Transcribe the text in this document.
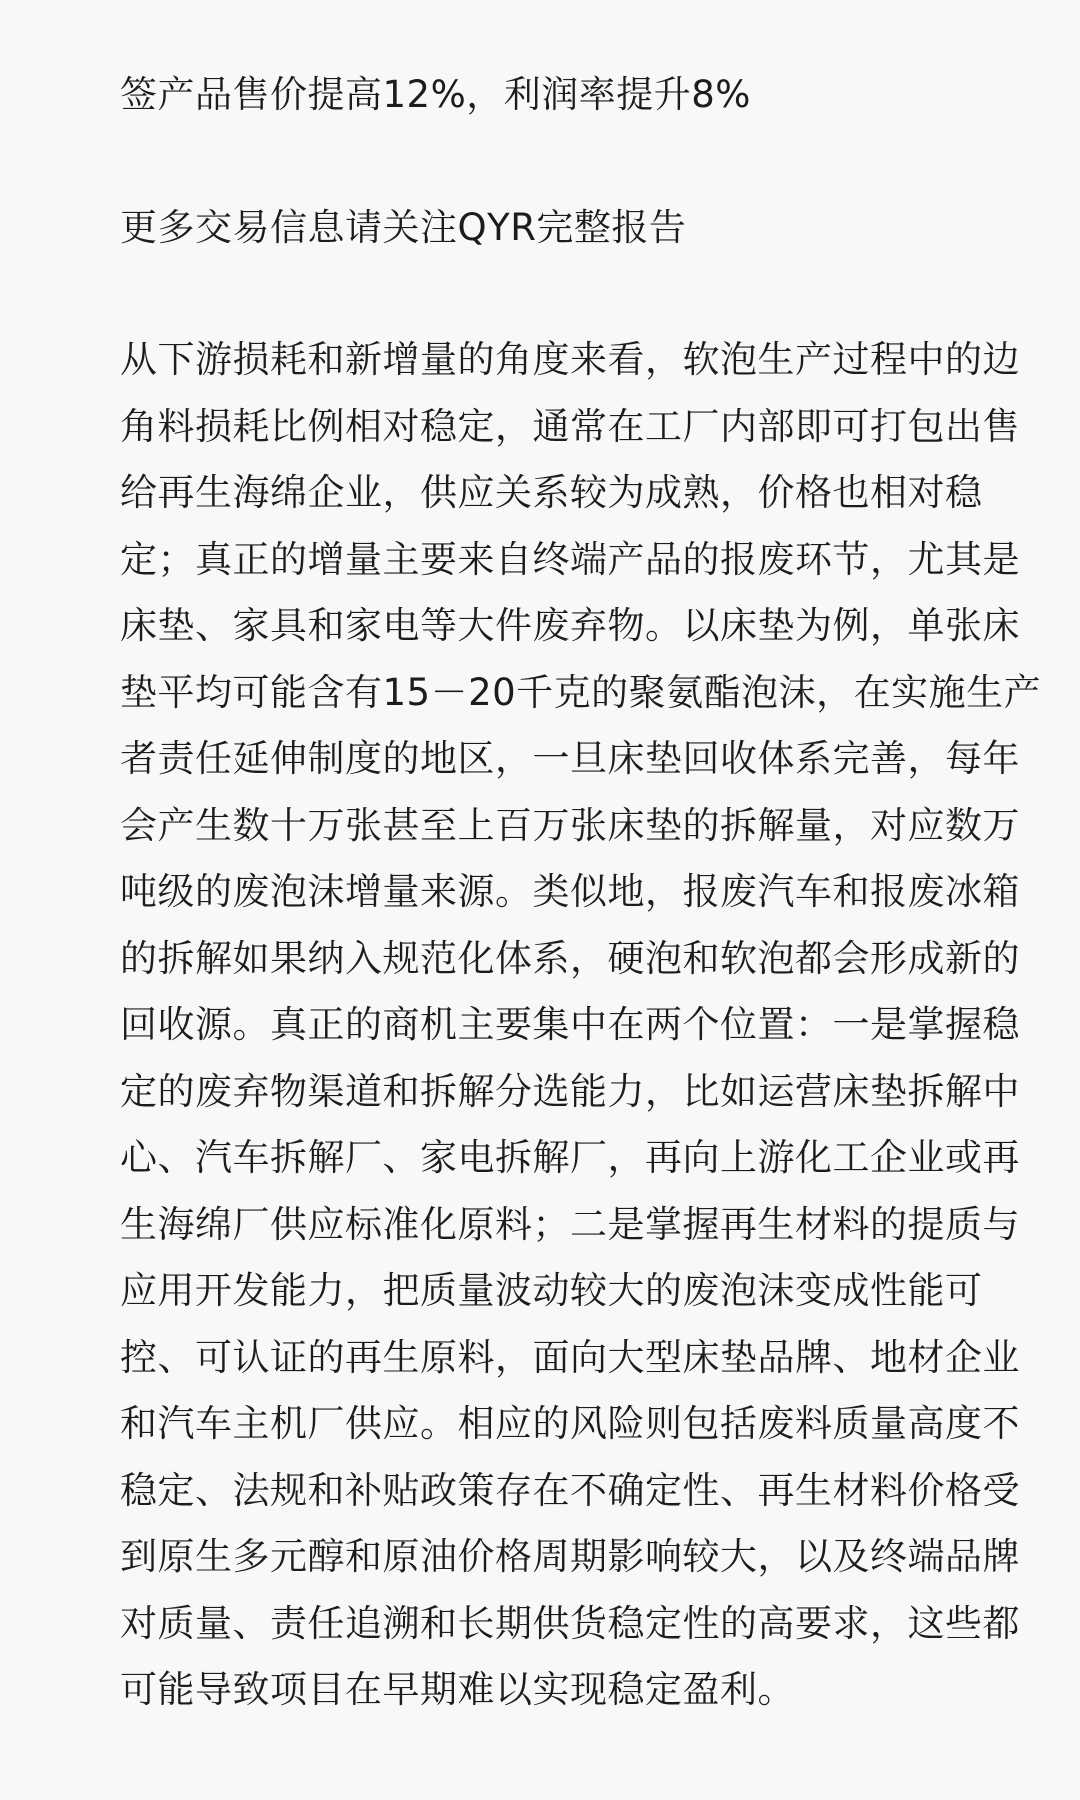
签产品售价提高12%，利润率提升8%

更多交易信息请关注QYR完整报告

从下游损耗和新增量的角度来看，软泡生产过程中的边
角料损耗比例相对稳定，通常在工厂内部即可打包出售
给再生海绵企业，供应关系较为成熟，价格也相对稳
定；真正的增量主要来自终端产品的报废环节，尤其是
床垫、家具和家电等大件废弃物。以床垫为例，单张床
垫平均可能含有15－20千克的聚氨酯泡沫，在实施生产
者责任延伸制度的地区，一旦床垫回收体系完善，每年
会产生数十万张甚至上百万张床垫的拆解量，对应数万
吨级的废泡沫增量来源。类似地，报废汽车和报废冰箱
的拆解如果纳入规范化体系，硬泡和软泡都会形成新的
回收源。真正的商机主要集中在两个位置：一是掌握稳
定的废弃物渠道和拆解分选能力，比如运营床垫拆解中
心、汽车拆解厂、家电拆解厂，再向上游化工企业或再
生海绵厂供应标准化原料；二是掌握再生材料的提质与
应用开发能力，把质量波动较大的废泡沫变成性能可
控、可认证的再生原料，面向大型床垫品牌、地材企业
和汽车主机厂供应。相应的风险则包括废料质量高度不
稳定、法规和补贴政策存在不确定性、再生材料价格受
到原生多元醇和原油价格周期影响较大，以及终端品牌
对质量、责任追溯和长期供货稳定性的高要求，这些都
可能导致项目在早期难以实现稳定盈利。
